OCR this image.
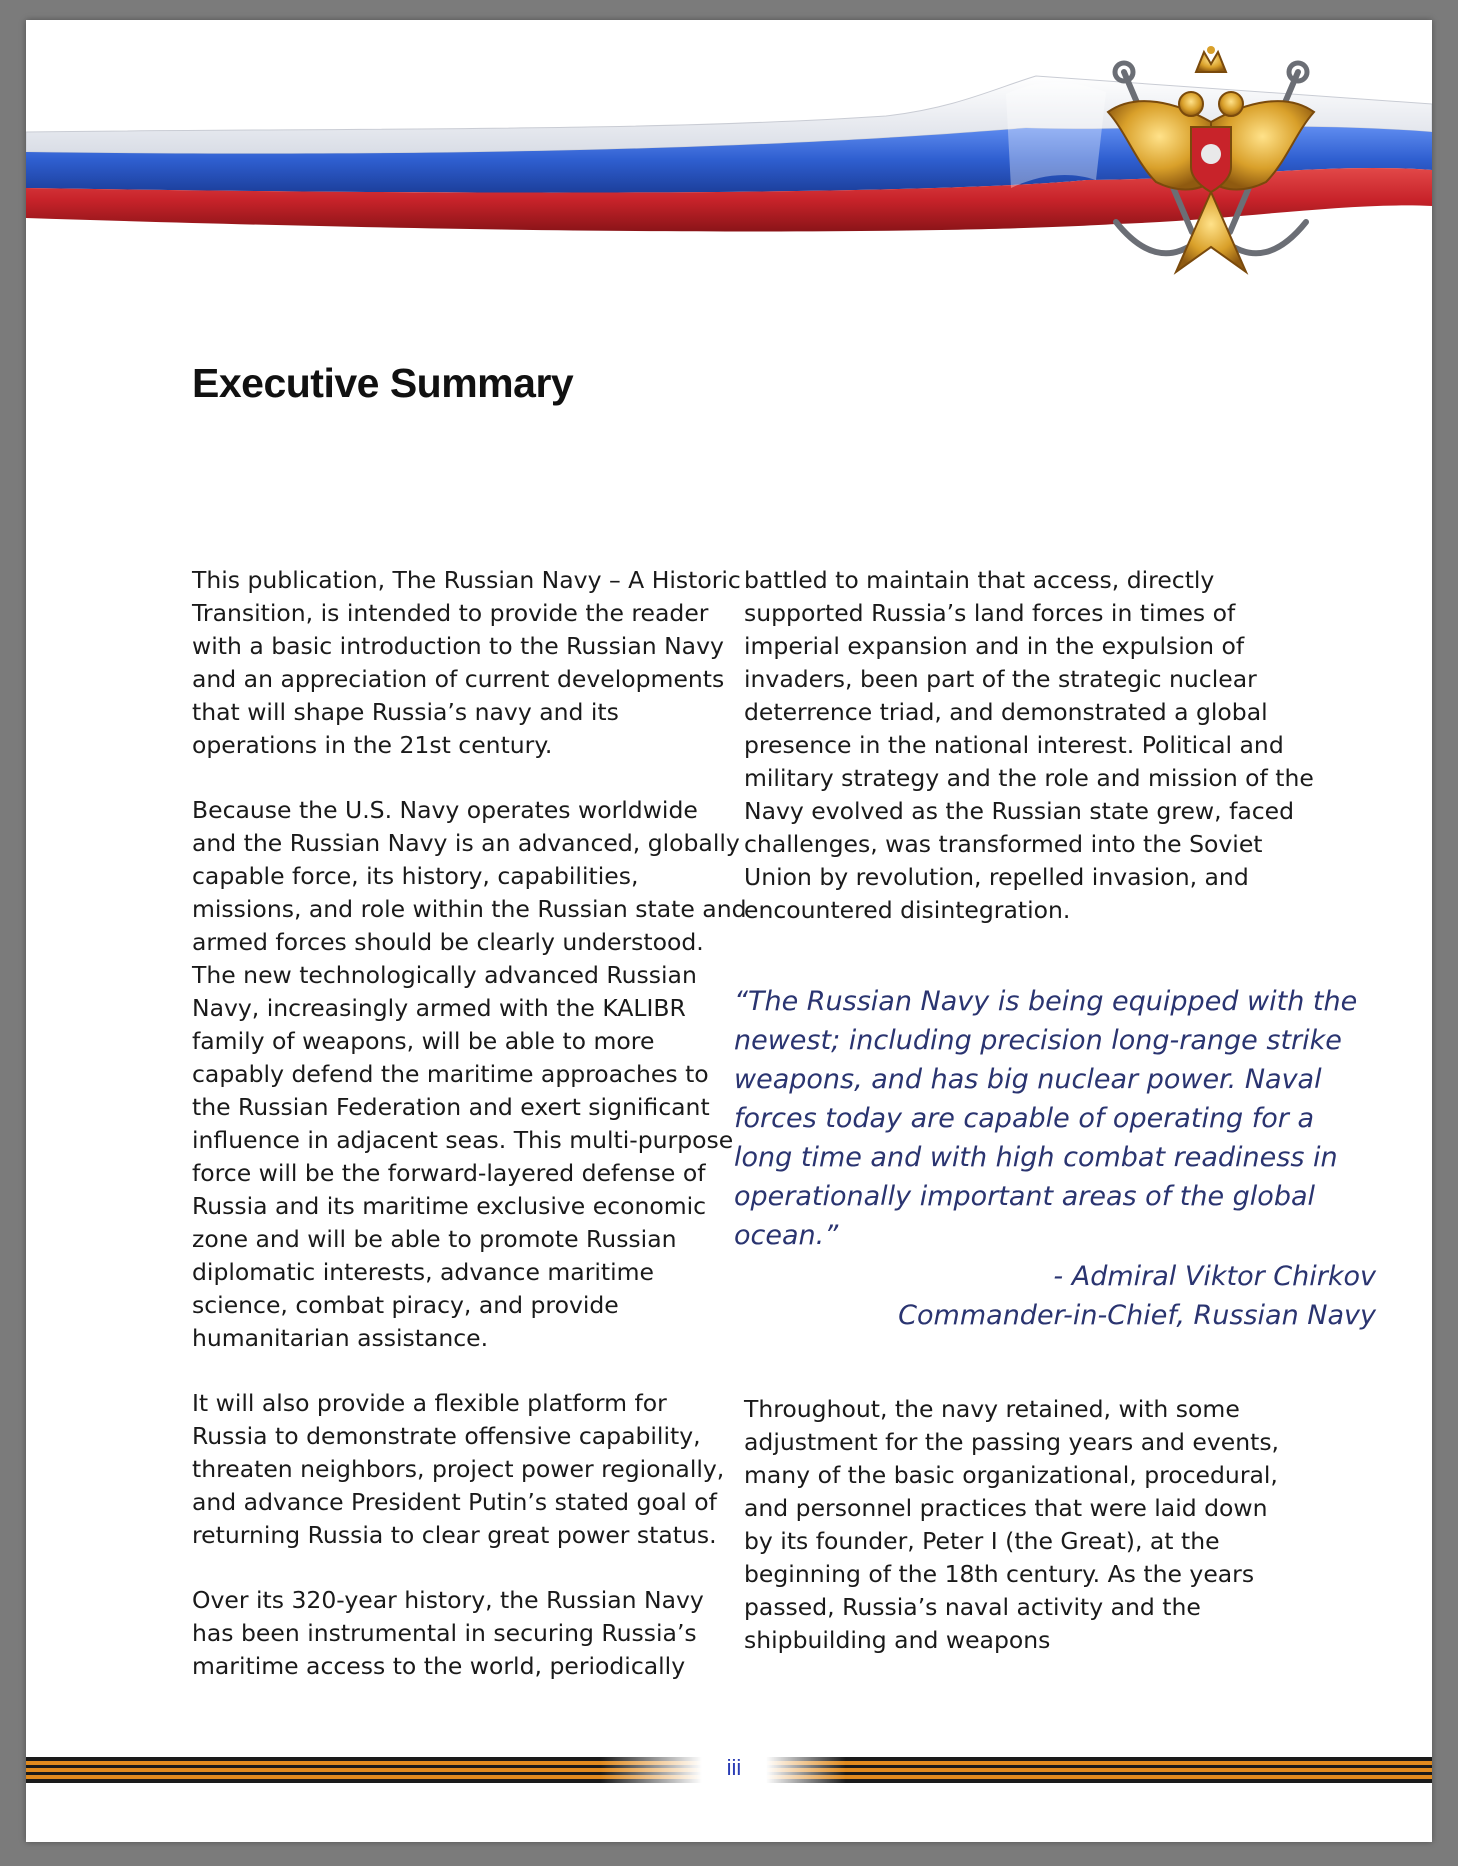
Executive Summary

This publication, The Russian Navy – A Historic Transition, is intended to provide the reader with a basic introduction to the Russian Navy and an appreciation of current developments that will shape Russia’s navy and its operations in the 21st century.

Because the U.S. Navy operates worldwide and the Russian Navy is an advanced, globally capable force, its history, capabilities, missions, and role within the Russian state and armed forces should be clearly understood. The new technologically advanced Russian Navy, increasingly armed with the KALIBR family of weapons, will be able to more capably defend the maritime approaches to the Russian Federation and exert significant influence in adjacent seas. This multi-purpose force will be the forward-layered defense of Russia and its maritime exclusive economic zone and will be able to promote Russian diplomatic interests, advance maritime science, combat piracy, and provide humanitarian assistance.

It will also provide a flexible platform for Russia to demonstrate offensive capability, threaten neighbors, project power regionally, and advance President Putin’s stated goal of returning Russia to clear great power status.

Over its 320-year history, the Russian Navy has been instrumental in securing Russia’s maritime access to the world, periodically

battled to maintain that access, directly supported Russia’s land forces in times of imperial expansion and in the expulsion of invaders, been part of the strategic nuclear deterrence triad, and demonstrated a global presence in the national interest. Political and military strategy and the role and mission of the Navy evolved as the Russian state grew, faced challenges, was transformed into the Soviet Union by revolution, repelled invasion, and encountered disintegration.

“The Russian Navy is being equipped with the newest; including precision long-range strike weapons, and has big nuclear power. Naval forces today are capable of operating for a long time and with high combat readiness in operationally important areas of the global ocean.”

- Admiral Viktor Chirkov
Commander-in-Chief, Russian Navy

Throughout, the navy retained, with some adjustment for the passing years and events, many of the basic organizational, procedural, and personnel practices that were laid down by its founder, Peter I (the Great), at the beginning of the 18th century. As the years passed, Russia’s naval activity and the shipbuilding and weapons

iii
